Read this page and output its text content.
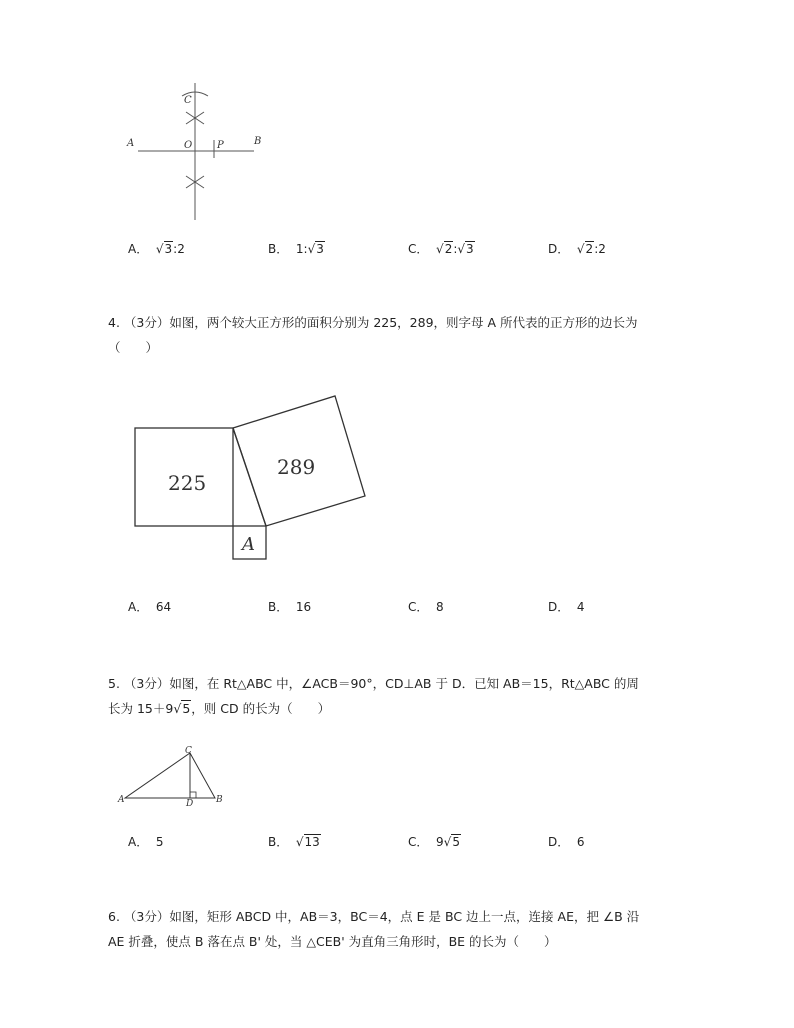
A	B
C
O P
A． √3:2	B． 1:√3	C． √2:√3	D． √2:2
4. （3分）如图，两个较大正方形的面积分别为 225，289，则字母 A 所代表的正方形的边长为
（　　）
225
289
A
A． 64	B． 16	C． 8	D． 4
5. （3分）如图，在 Rt△ABC 中，∠ACB＝90°，CD⊥AB 于 D．已知 AB＝15，Rt△ABC 的周
长为 15＋9√5，则 CD 的长为（　　）
A	B
C
D
A． 5	B． √13	C． 9√5	D． 6
6. （3分）如图，矩形 ABCD 中，AB＝3，BC＝4，点 E 是 BC 边上一点，连接 AE，把 ∠B 沿
AE 折叠，使点 B 落在点 B' 处，当 △CEB' 为直角三角形时，BE 的长为（　　）
